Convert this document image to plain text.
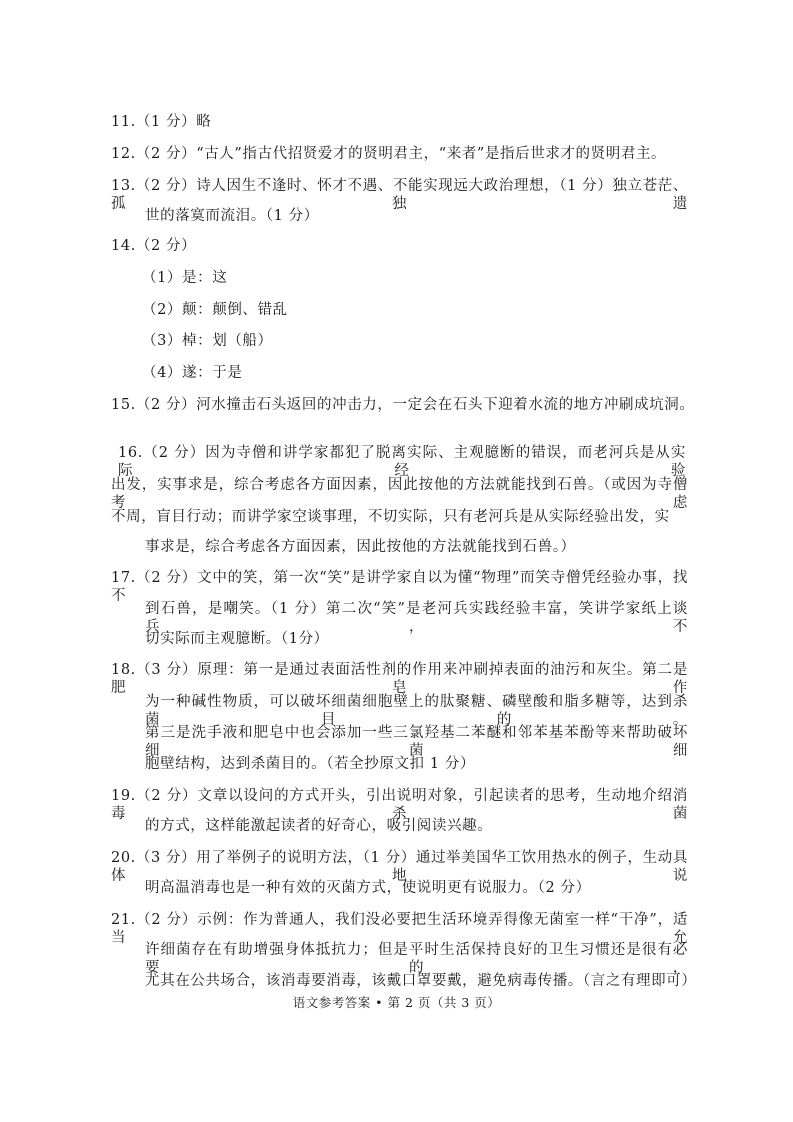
11.（1 分）略
12.（2 分）“古人”指古代招贤爱才的贤明君主，“来者”是指后世求才的贤明君主。
13.（2 分）诗人因生不逢时、怀才不遇、不能实现远大政治理想，（1 分）独立苍茫、孤独遗
世的落寞而流泪。（1 分）
14.（2 分）
（1）是：这
（2）颠：颠倒、错乱
（3）棹：划（船）
（4）遂：于是
15.（2 分）河水撞击石头返回的冲击力，一定会在石头下迎着水流的地方冲刷成坑洞。
16.（2 分）因为寺僧和讲学家都犯了脱离实际、主观臆断的错误，而老河兵是从实际经验
出发，实事求是，综合考虑各方面因素，因此按他的方法就能找到石兽。（或因为寺僧考虑
不周，盲目行动；而讲学家空谈事理，不切实际，只有老河兵是从实际经验出发，实
事求是，综合考虑各方面因素，因此按他的方法就能找到石兽。）
17.（2 分）文中的笑，第一次“笑”是讲学家自以为懂“物理”而笑寺僧凭经验办事，找不
到石兽，是嘲笑。（1 分）第二次“笑”是老河兵实践经验丰富，笑讲学家纸上谈兵，不
切实际而主观臆断。（1分）
18.（3 分）原理：第一是通过表面活性剂的作用来冲刷掉表面的油污和灰尘。第二是肥皂作
为一种碱性物质，可以破坏细菌细胞壁上的肽聚糖、磷壁酸和脂多糖等，达到杀菌目的。
第三是洗手液和肥皂中也会添加一些三氯羟基二苯醚和邻苯基苯酚等来帮助破坏细菌细
胞壁结构，达到杀菌目的。（若全抄原文扣 1 分）
19.（2 分）文章以设问的方式开头，引出说明对象，引起读者的思考，生动地介绍消毒杀菌
的方式，这样能激起读者的好奇心，吸引阅读兴趣。
20.（3 分）用了举例子的说明方法，（1 分）通过举美国华工饮用热水的例子，生动具体地说
明高温消毒也是一种有效的灭菌方式，使说明更有说服力。（2 分）
21.（2 分）示例：作为普通人，我们没必要把生活环境弄得像无菌室一样“干净”，适当允
许细菌存在有助增强身体抵抗力；但是平时生活保持良好的卫生习惯还是很有必要的，
尤其在公共场合，该消毒要消毒，该戴口罩要戴，避免病毒传播。（言之有理即可）
语文参考答案 • 第 2 页（共 3 页）
